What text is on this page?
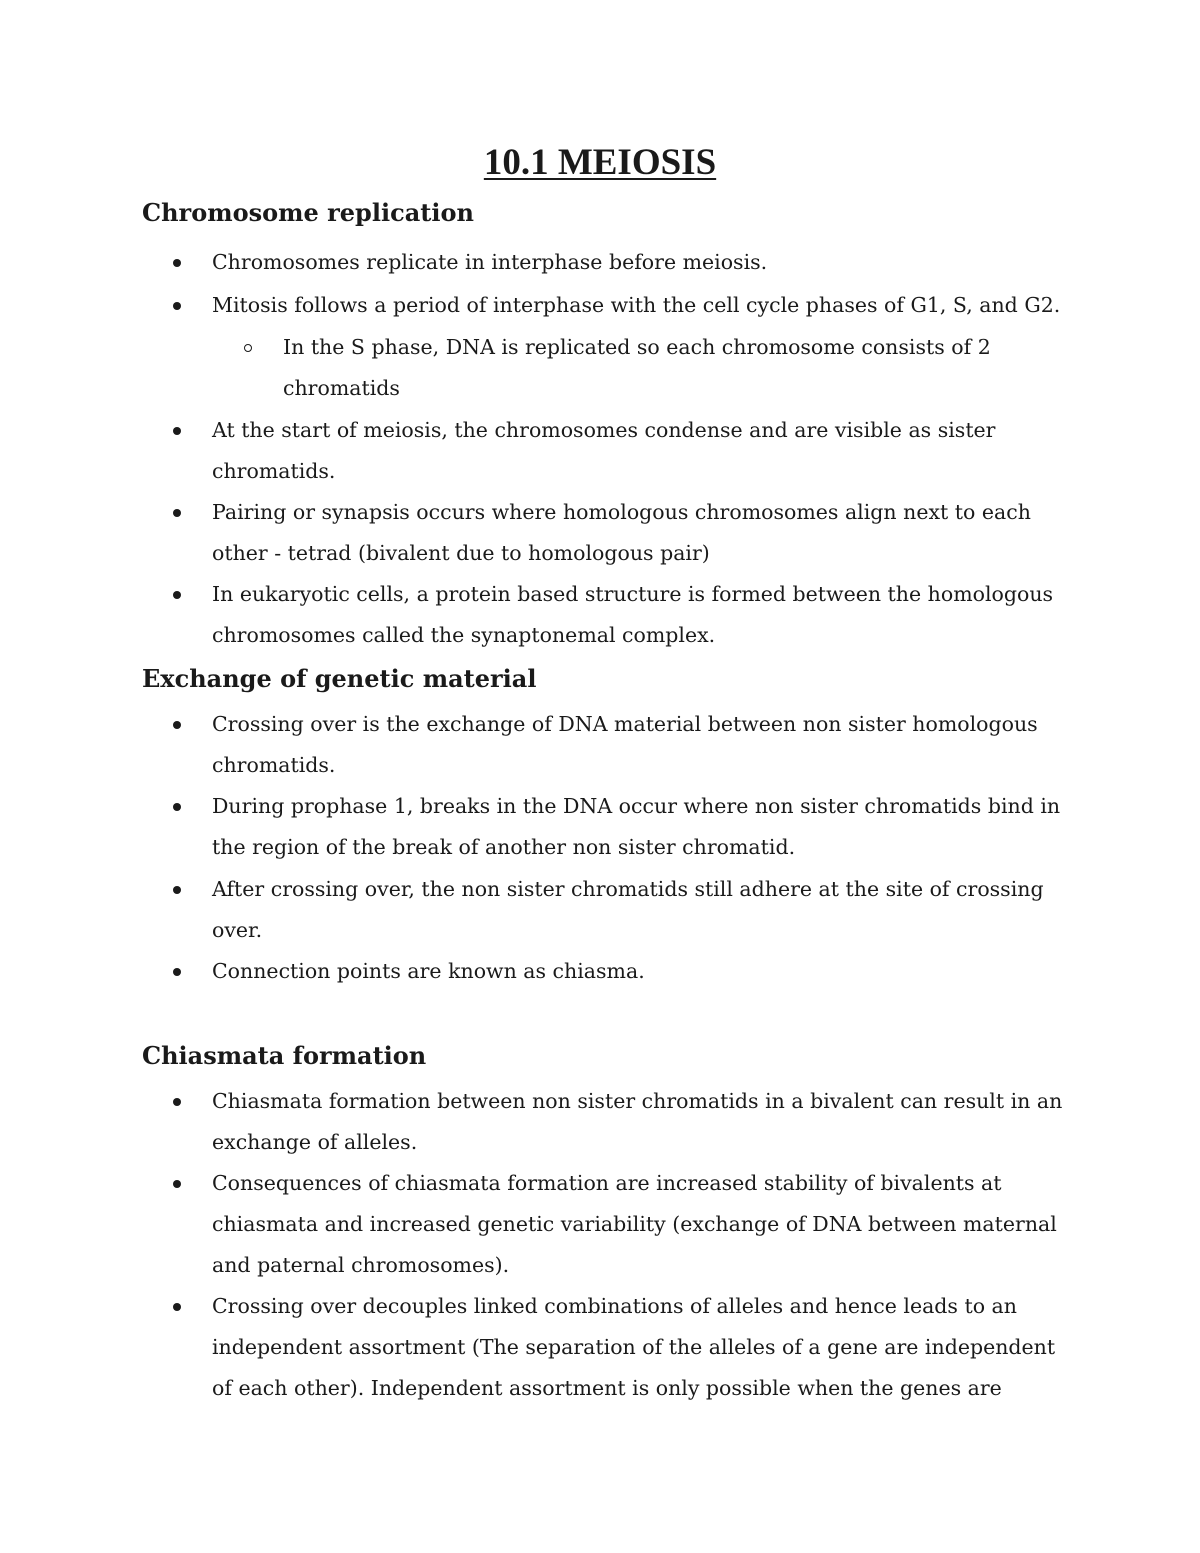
10.1 MEIOSIS
Chromosome replication
Chromosomes replicate in interphase before meiosis.
Mitosis follows a period of interphase with the cell cycle phases of G1, S, and G2.
In the S phase, DNA is replicated so each chromosome consists of 2 chromatids
At the start of meiosis, the chromosomes condense and are visible as sister chromatids.
Pairing or synapsis occurs where homologous chromosomes align next to each other - tetrad (bivalent due to homologous pair)
In eukaryotic cells, a protein based structure is formed between the homologous chromosomes called the synaptonemal complex.
Exchange of genetic material
Crossing over is the exchange of DNA material between non sister homologous chromatids.
During prophase 1, breaks in the DNA occur where non sister chromatids bind in the region of the break of another non sister chromatid.
After crossing over, the non sister chromatids still adhere at the site of crossing over.
Connection points are known as chiasma.
Chiasmata formation
Chiasmata formation between non sister chromatids in a bivalent can result in an exchange of alleles.
Consequences of chiasmata formation are increased stability of bivalents at chiasmata and increased genetic variability (exchange of DNA between maternal and paternal chromosomes).
Crossing over decouples linked combinations of alleles and hence leads to an independent assortment (The separation of the alleles of a gene are independent of each other). Independent assortment is only possible when the genes are
